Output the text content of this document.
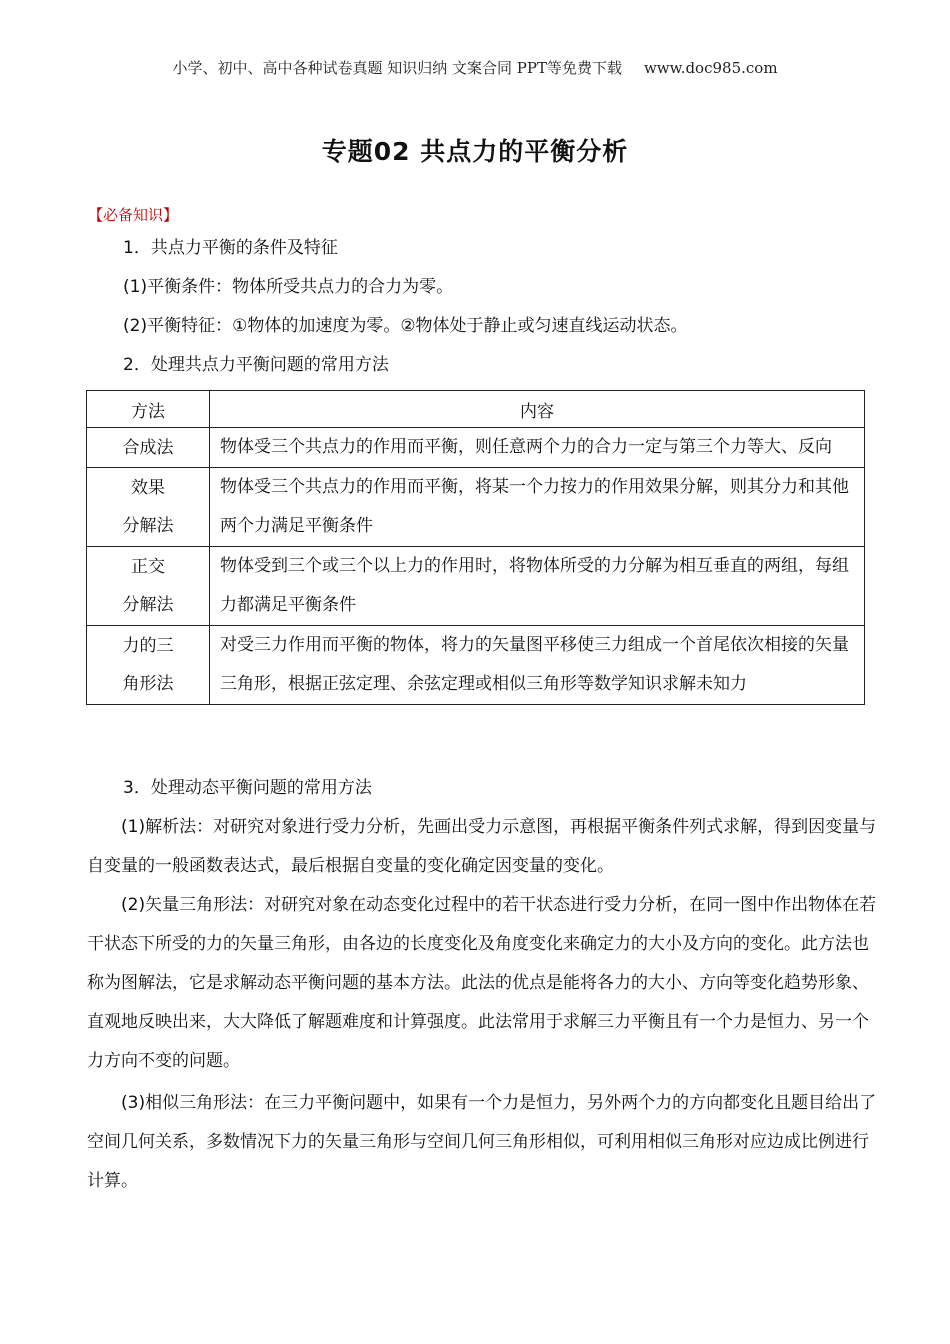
小学、初中、高中各种试卷真题 知识归纳 文案合同 PPT等免费下载 www.doc985.com
专题02 共点力的平衡分析
【必备知识】
1．共点力平衡的条件及特征
(1)平衡条件：物体所受共点力的合力为零。
(2)平衡特征：①物体的加速度为零。②物体处于静止或匀速直线运动状态。
2．处理共点力平衡问题的常用方法
方法	内容

合成法	物体受三个共点力的作用而平衡，则任意两个力的合力一定与第三个力等大、反向

效果
分解法	物体受三个共点力的作用而平衡，将某一个力按力的作用效果分解，则其分力和其他两个力满足平衡条件

正交
分解法	物体受到三个或三个以上力的作用时，将物体所受的力分解为相互垂直的两组，每组力都满足平衡条件

力的三
角形法	对受三力作用而平衡的物体，将力的矢量图平移使三力组成一个首尾依次相接的矢量三角形，根据正弦定理、余弦定理或相似三角形等数学知识求解未知力
3．处理动态平衡问题的常用方法
(1)解析法：对研究对象进行受力分析，先画出受力示意图，再根据平衡条件列式求解，得到因变量与自变量的一般函数表达式，最后根据自变量的变化确定因变量的变化。
(2)矢量三角形法：对研究对象在动态变化过程中的若干状态进行受力分析，在同一图中作出物体在若干状态下所受的力的矢量三角形，由各边的长度变化及角度变化来确定力的大小及方向的变化。此方法也称为图解法，它是求解动态平衡问题的基本方法。此法的优点是能将各力的大小、方向等变化趋势形象、直观地反映出来，大大降低了解题难度和计算强度。此法常用于求解三力平衡且有一个力是恒力、另一个力方向不变的问题。
(3)相似三角形法：在三力平衡问题中，如果有一个力是恒力，另外两个力的方向都变化且题目给出了空间几何关系，多数情况下力的矢量三角形与空间几何三角形相似，可利用相似三角形对应边成比例进行计算。
